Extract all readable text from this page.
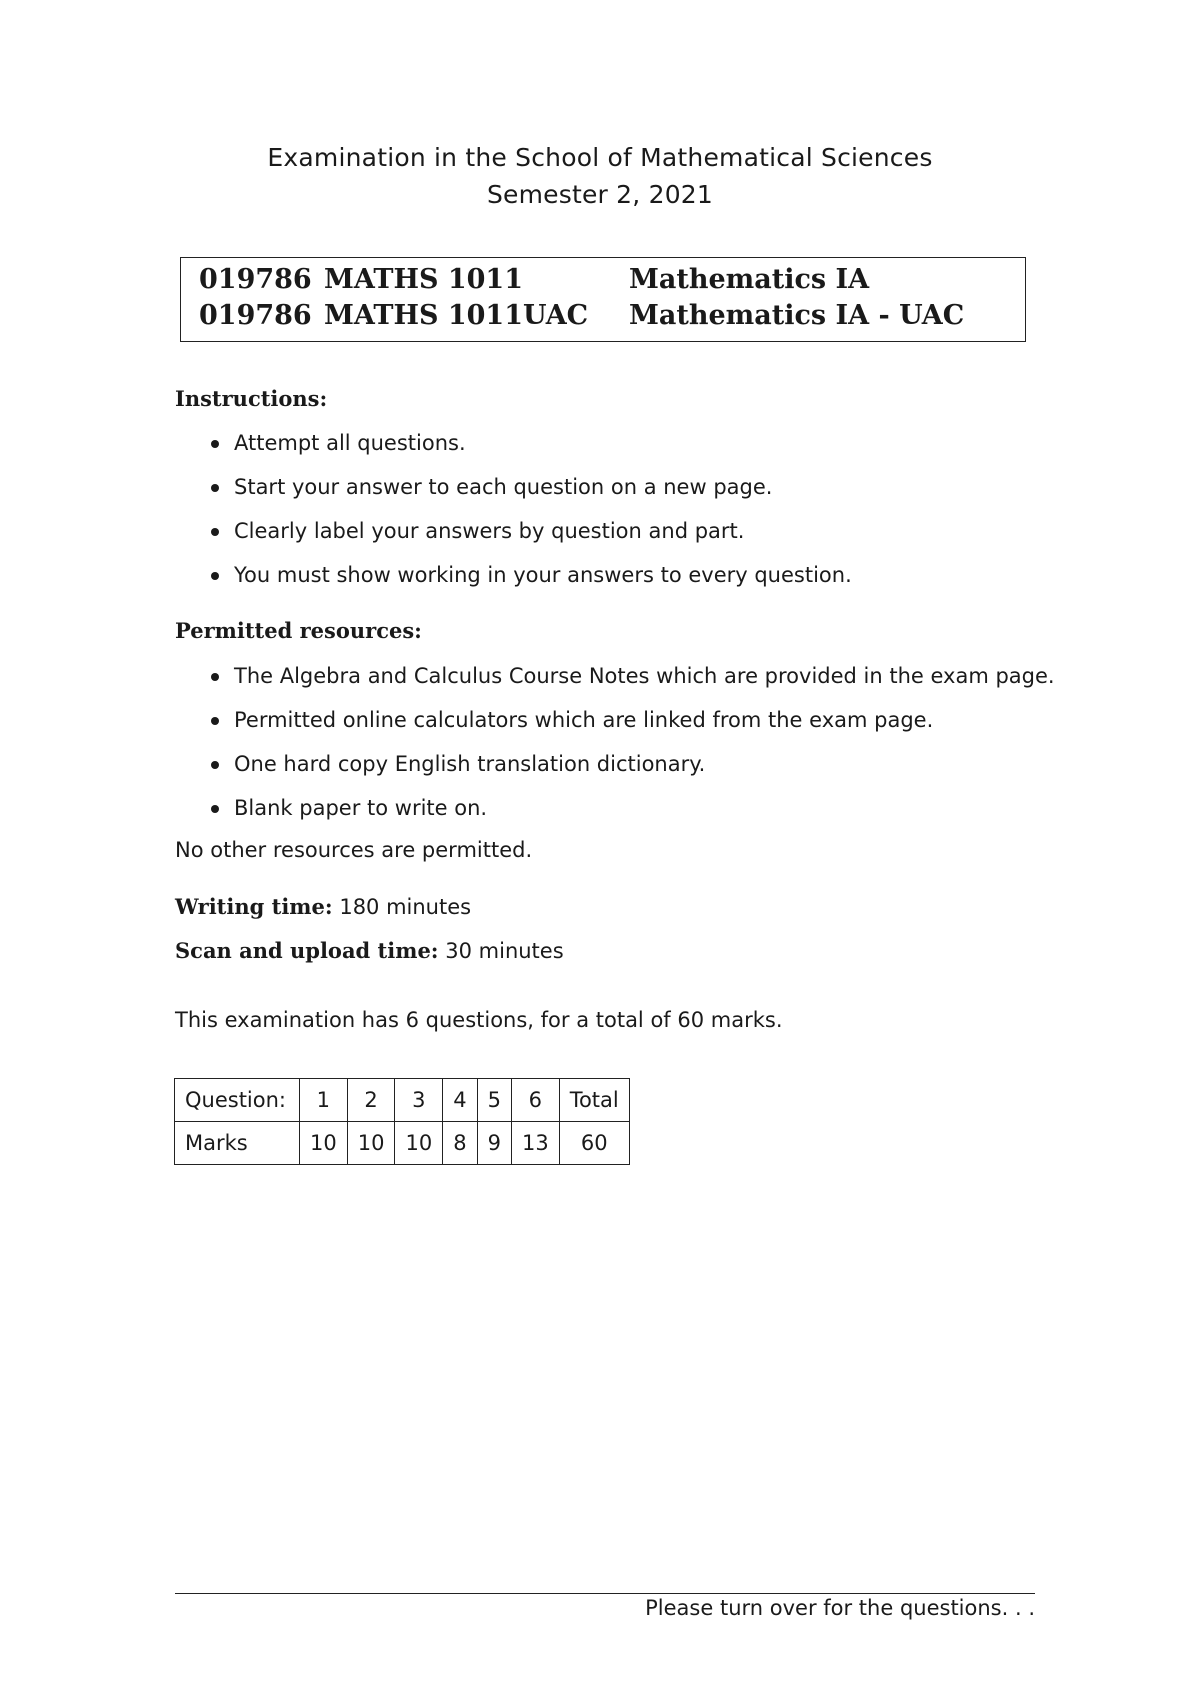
Examination in the School of Mathematical Sciences
Semester 2, 2021
019786 MATHS 1011	Mathematics IA
019786 MATHS 1011UAC Mathematics IA - UAC
Instructions:
Attempt all questions.
Start your answer to each question on a new page.
Clearly label your answers by question and part.
You must show working in your answers to every question.
Permitted resources:
The Algebra and Calculus Course Notes which are provided in the exam page.
Permitted online calculators which are linked from the exam page.
One hard copy English translation dictionary.
Blank paper to write on.
No other resources are permitted.
Writing time: 180 minutes
Scan and upload time: 30 minutes
This examination has 6 questions, for a total of 60 marks.
Question:	1	2	3	4	5	6	Total
Marks	10	10	10	8	9	13	60
Please turn over for the questions. . .
